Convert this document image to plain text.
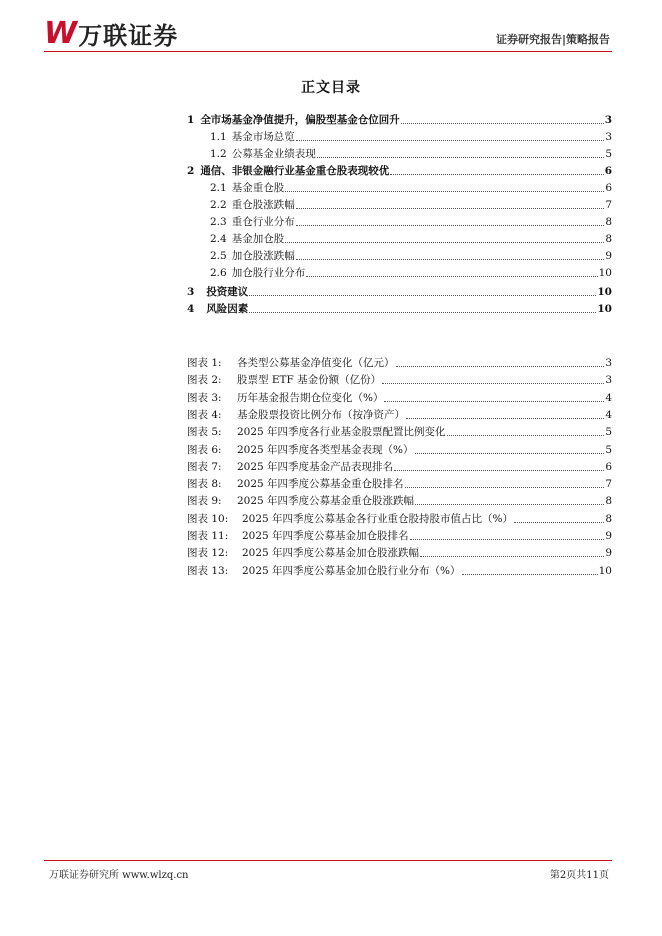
W 万联证券	证券研究报告|策略报告
正文目录
1 全市场基金净值提升，偏股型基金仓位回升	3
1.1 基金市场总览	3
1.2 公募基金业绩表现	5
2 通信、非银金融行业基金重仓股表现较优	6
2.1 基金重仓股	6
2.2 重仓股涨跌幅	7
2.3 重仓行业分布	8
2.4 基金加仓股	8
2.5 加仓股涨跌幅	9
2.6 加仓股行业分布	10
3 投资建议	10
4 风险因素	10
图表 1:	各类型公募基金净值变化（亿元）	3
图表 2:	股票型 ETF 基金份额（亿份）	3
图表 3:	历年基金报告期仓位变化（%）	4
图表 4:	基金股票投资比例分布（按净资产）	4
图表 5:	2025 年四季度各行业基金股票配置比例变化	5
图表 6:	2025 年四季度各类型基金表现（%）	5
图表 7:	2025 年四季度基金产品表现排名	6
图表 8:	2025 年四季度公募基金重仓股排名	7
图表 9:	2025 年四季度公募基金重仓股涨跌幅	8
图表 10:	2025 年四季度公募基金各行业重仓股持股市值占比（%）	8
图表 11:	2025 年四季度公募基金加仓股排名	9
图表 12:	2025 年四季度公募基金加仓股涨跌幅	9
图表 13:	2025 年四季度公募基金加仓股行业分布（%）	10
万联证券研究所 www.wlzq.cn	第2页共11页
